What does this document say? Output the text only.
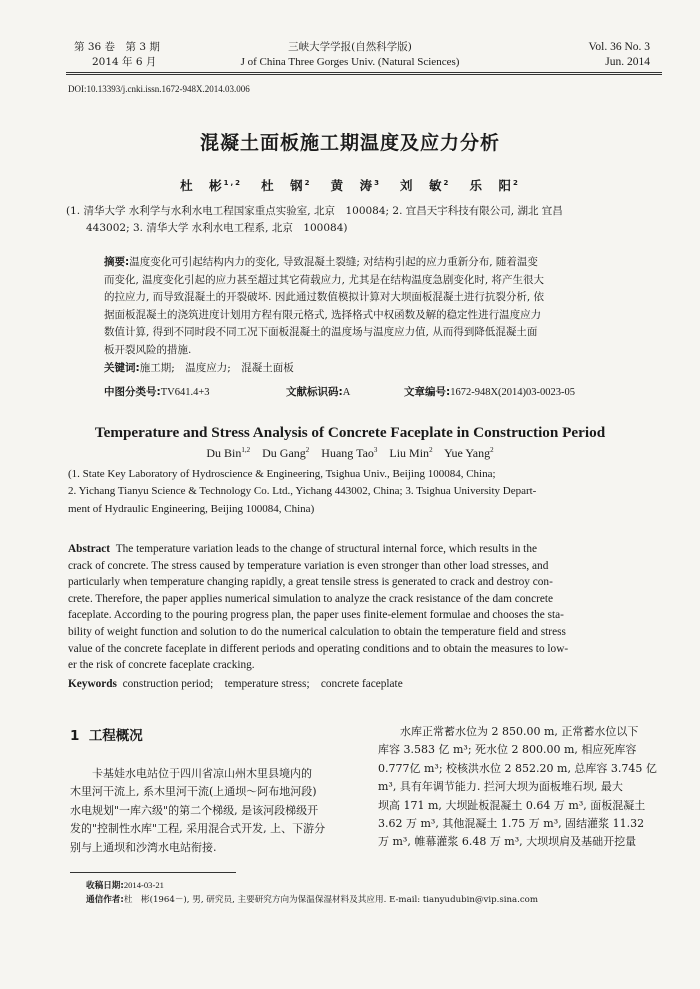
第 36 卷　第 3 期
2014 年 6 月
三峡大学学报(自然科学版)
J of China Three Gorges Univ. (Natural Sciences)
Vol. 36 No. 3
Jun. 2014
DOI:10.13393/j.cnki.issn.1672-948X.2014.03.006
混凝土面板施工期温度及应力分析
杜　彬$^{1,2}$ 杜　钢$^2$ 黄　涛$^3$ 刘　敏$^2$ 乐　阳$^2$
(1. 清华大学 水利学与水利水电工程国家重点实验室, 北京　100084; 2. 宜昌天宇科技有限公司, 湖北 宜昌
443002; 3. 清华大学 水利水电工程系, 北京　100084)
摘要:温度变化可引起结构内力的变化, 导致混凝土裂缝; 对结构引起的应力重新分布, 随着温变
而变化, 温度变化引起的应力甚至超过其它荷载应力, 尤其是在结构温度急剧变化时, 将产生很大
的拉应力, 而导致混凝土的开裂破坏. 因此通过数值模拟计算对大坝面板混凝土进行抗裂分析, 依
据面板混凝土的浇筑进度计划用方程有限元格式, 选择格式中权函数及解的稳定性进行温度应力
数值计算, 得到不同时段不同工况下面板混凝土的温度场与温度应力值, 从而得到降低混凝土面
板开裂风险的措施.
关键词:施工期;　温度应力;　混凝土面板
中图分类号:TV641.4+3	文献标识码:A	文章编号:1672-948X(2014)03-0023-05
Temperature and Stress Analysis of Concrete Faceplate in Construction Period
Du Bin$^{1,2}$ Du Gang$^2$ Huang Tao$^3$ Liu Min$^2$ Yue Yang$^2$
(1. State Key Laboratory of Hydroscience & Engineering, Tsighua Univ., Beijing 100084, China;
2. Yichang Tianyu Science & Technology Co. Ltd., Yichang 443002, China; 3. Tsighua University Depart-
ment of Hydraulic Engineering, Beijing 100084, China)
Abstract The temperature variation leads to the change of structural internal force, which results in the
crack of concrete. The stress caused by temperature variation is even stronger than other load stresses, and
particularly when temperature changing rapidly, a great tensile stress is generated to crack and destroy con-
crete. Therefore, the paper applies numerical simulation to analyze the crack resistance of the dam concrete
faceplate. According to the pouring progress plan, the paper uses finite-element formulae and chooses the sta-
bility of weight function and solution to do the numerical calculation to obtain the temperature field and stress
value of the concrete faceplate in different periods and operating conditions and to obtain the measures to low-
er the risk of concrete faceplate cracking.
Keywords construction period;　temperature stress;　concrete faceplate
1 工程概况
　　卡基娃水电站位于四川省凉山州木里县境内的
木里河干流上, 系木里河干流(上通坝～阿布地河段)
水电规划"一库六级"的第二个梯级, 是该河段梯级开
发的"控制性水库"工程, 采用混合式开发, 上、下游分
别与上通坝和沙湾水电站衔接.
　　水库正常蓄水位为 2 850.00 m, 正常蓄水位以下
库容 3.583 亿 m³; 死水位 2 800.00 m, 相应死库容
0.777亿 m³; 校核洪水位 2 852.20 m, 总库容 3.745 亿
m³, 具有年调节能力. 拦河大坝为面板堆石坝, 最大
坝高 171 m, 大坝趾板混凝土 0.64 万 m³, 面板混凝土
3.62 万 m³, 其他混凝土 1.75 万 m³, 固结灌浆 11.32
万 m³, 帷幕灌浆 6.48 万 m³, 大坝坝肩及基础开挖量
收稿日期:2014-03-21
通信作者:杜　彬(1964－), 男, 研究员, 主要研究方向为保温保湿材料及其应用. E-mail: tianyudubin@vip.sina.com
